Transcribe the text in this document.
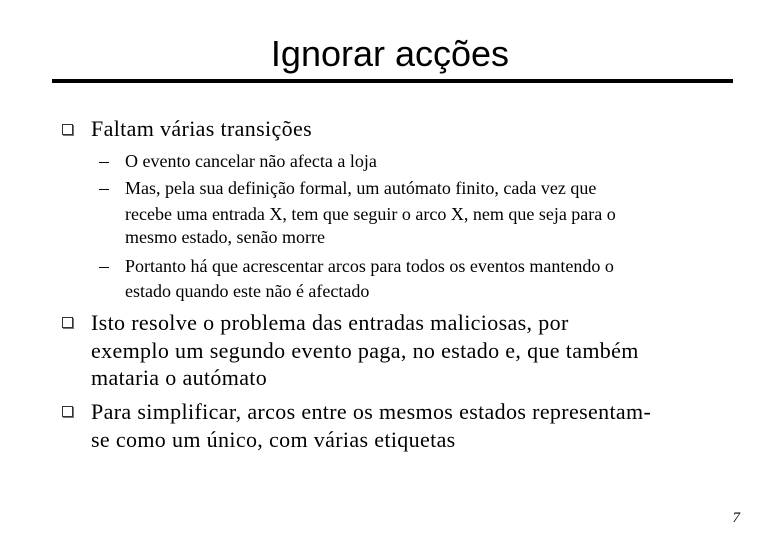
Ignorar acções
Faltam várias transições
O evento cancelar não afecta a loja
Mas, pela sua definição formal, um autómato finito, cada vez que
recebe uma entrada X, tem que seguir o arco X, nem que seja para o
mesmo estado, senão morre
Portanto há que acrescentar arcos para todos os eventos mantendo o
estado quando este não é afectado
Isto resolve o problema das entradas maliciosas, por
exemplo um segundo evento paga, no estado e, que também
mataria o autómato
Para simplificar, arcos entre os mesmos estados representam-
se como um único, com várias etiquetas
7
